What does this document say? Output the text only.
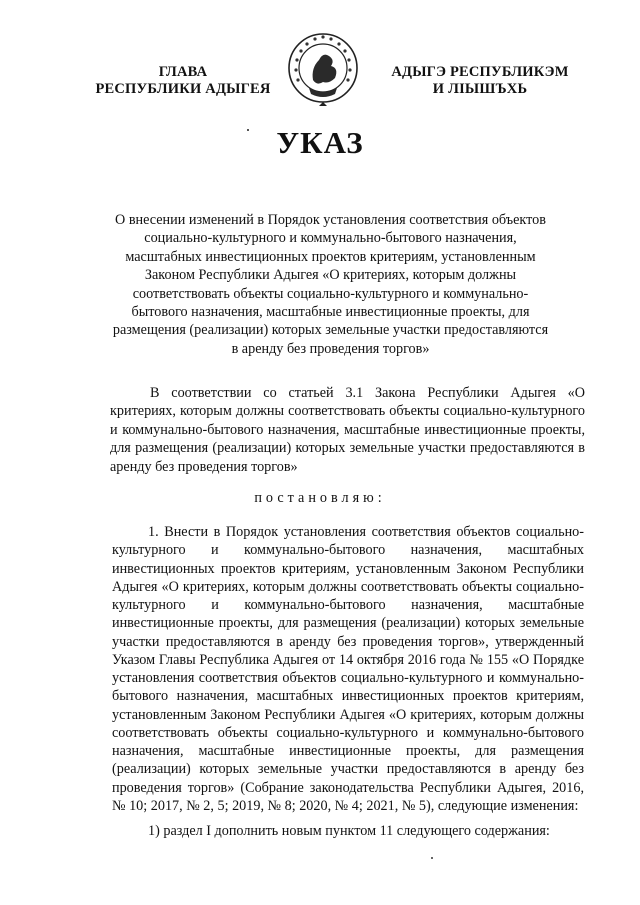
ГЛАВА
РЕСПУБЛИКИ АДЫГЕЯ
АДЫГЭ РЕСПУБЛИКЭМ
И ЛІЫШЪХЬ
УКАЗ
О внесении изменений в Порядок установления соответствия объектов социально-культурного и коммунально-бытового назначения, масштабных инвестиционных проектов критериям, установленным Законом Республики Адыгея «О критериях, которым должны соответствовать объекты социально-культурного и коммунально-бытового назначения, масштабные инвестиционные проекты, для размещения (реализации) которых земельные участки предоставляются в аренду без проведения торгов»
В соответствии со статьей 3.1 Закона Республики Адыгея «О критериях, которым должны соответствовать объекты социально-культурного и коммунально-бытового назначения, масштабные инвестиционные проекты, для размещения (реализации) которых земельные участки предоставляются в аренду без проведения торгов»
постановляю:
1. Внести в Порядок установления соответствия объектов социально-культурного и коммунально-бытового назначения, масштабных инвестиционных проектов критериям, установленным Законом Республики Адыгея «О критериях, которым должны соответствовать объекты социально-культурного и коммунально-бытового назначения, масштабные инвестиционные проекты, для размещения (реализации) которых земельные участки предоставляются в аренду без проведения торгов», утвержденный Указом Главы Республика Адыгея от 14 октября 2016 года № 155 «О Порядке установления соответствия объектов социально-культурного и коммунально-бытового назначения, масштабных инвестиционных проектов критериям, установленным Законом Республики Адыгея «О критериях, которым должны соответствовать объекты социально-культурного и коммунально-бытового назначения, масштабные инвестиционные проекты, для размещения (реализации) которых земельные участки предоставляются в аренду без проведения торгов» (Собрание законодательства Республики Адыгея, 2016, № 10; 2017, № 2, 5; 2019, № 8; 2020, № 4; 2021, № 5), следующие изменения:
1) раздел I дополнить новым пунктом 11 следующего содержания:
